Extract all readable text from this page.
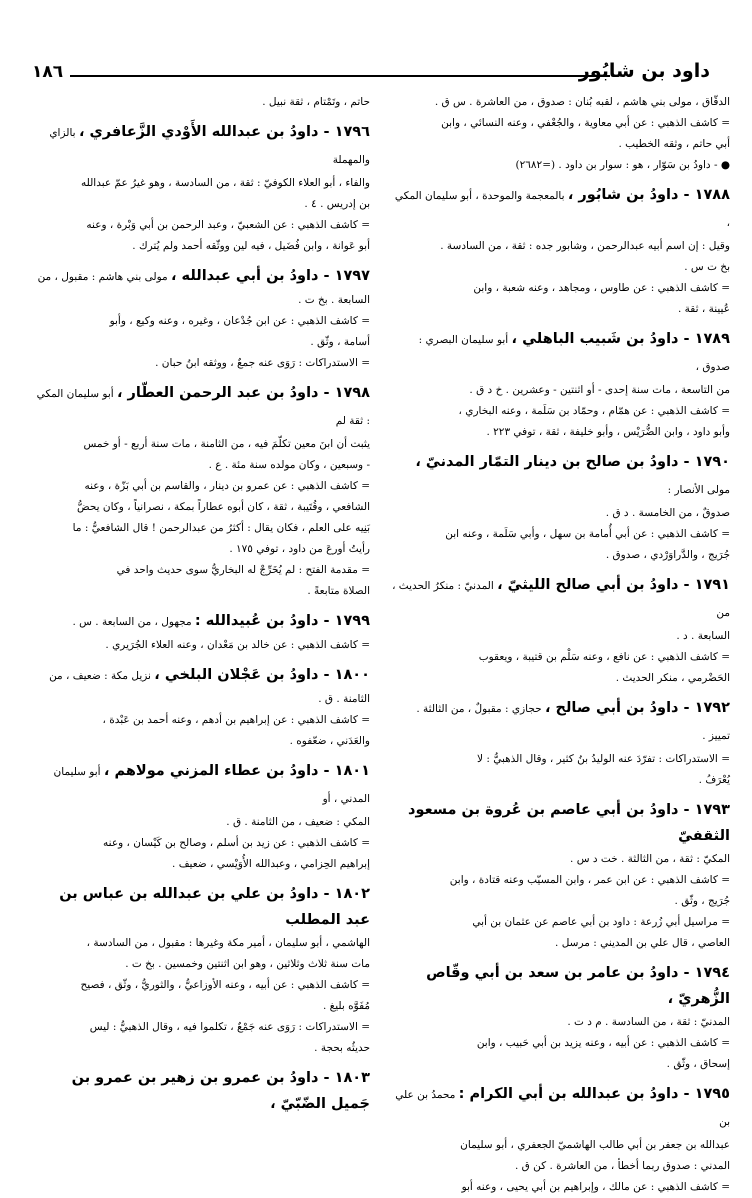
داود بن شابُور
١٨٦

الدقّاق ، مولى بني هاشم ، لقبه بُنان : صدوق ، من العاشرة . س ق .

= كاشف الذهبي : عن أبي معاوية ، والجُعْفي ، وعنه النسائي ، وابن

أبي حاتم ، وثقه الخطيب .

● - داودُ بن سَوّار ، هو : سوار بن داود . (=٢٦٨٢)

١٧٨٨ - داودُ بن شابُور ، بالمعجمة والموحدة ، أبو سليمان المكي ،

وقيل : إن اسم أبيه عبدالرحمن ، وشابور جده : ثقة ، من السادسة .

بخ ت س .

= كاشف الذهبي : عن طاوس ، ومجاهد ، وعنه شعبة ، وابن

عُيينة ، ثقة .

١٧٨٩ - داودُ بن شَبيب الباهلي ، أبو سليمان البصري : صدوق ،

من التاسعة ، مات سنة إحدى - أو اثنتين - وعشرين . خ د ق .

= كاشف الذهبي : عن همّام ، وحمّاد بن سَلَمة ، وعنه البخاري ،

وأبو داود ، وابن الضُّرَيْس ، وأبو خليفة ، ثقة ، توفي ٢٢٣ .

١٧٩٠ - داودُ بن صالح بن دينار التمّار المدنيّ ، مولى الأنصار :

صدوقٌ ، من الخامسة . د ق .

= كاشف الذهبي : عن أبي أُمامة بن سهل ، وأبي سَلَمة ، وعنه ابن

جُرَيج ، والدَّراوَرْدي ، صدوق .

١٧٩١ - داودُ بن أبي صالح الليثيّ ، المدنيّ : منكرُ الحديث ، من

السابعة . د .

= كاشف الذهبي : عن نافع ، وعنه سَلْم بن قتيبة ، ويعقوب

الحَضْرمي ، منكر الحديث .

١٧٩٢ - داودُ بن أبي صالح ، حجازي : مقبولٌ ، من الثالثة . تمييز .

= الاستدراكات : تفرّدَ عنه الوليدُ بنُ كثير ، وقال الذهبيُّ : لا

يُعْرَفُ .

١٧٩٣ - داودُ بن أبي عاصم بن عُروة بن مسعود الثقفيّ

المكيّ : ثقة ، من الثالثة . خت د س .

= كاشف الذهبي : عن ابن عمر ، وابن المسيّب وعنه قتادة ، وابن

جُرَيج ، وثّق .

= مراسيل أبي زُرعة : داود بن أبي عاصم عن عثمان بن أبي

العاصي ، قال علي بن المديني : مرسل .

١٧٩٤ - داودُ بن عامر بن سعد بن أبي وقّاص الزُّهريّ ،

المدنيّ : ثقة ، من السادسة . م د ت .

= كاشف الذهبي : عن أبيه ، وعنه يزيد بن أبي حَبيب ، وابن

إسحاق ، وثّق .

١٧٩٥ - داودُ بن عبدالله بن أبي الكرام : محمدُ بن علي بن

عبدالله بن جعفر بن أبي طالب الهاشميّ الجعفري ، أبو سليمان

المدني : صدوق ربما أخطأ ، من العاشرة . كن ق .

= كاشف الذهبي : عن مالك ، وإبراهيم بن أبي يحيى ، وعنه أبو

حاتم ، وتَمْتام ، ثقة نبيل .

١٧٩٦ - داودُ بن عبدالله الأَوْدي الزَّعافري ، بالزاي والمهملة

والفاء ، أبو العلاء الكوفيّ : ثقة ، من السادسة ، وهو غيرُ عمّ عبدالله

بن إدريس . ٤ .

= كاشف الذهبي : عن الشعبيّ ، وعبد الرحمن بن أبي وَبْرة ، وعنه

أبو عَوانة ، وابن فُضَيل ، فيه لين ووثّقه أحمد ولم يُترك .

١٧٩٧ - داودُ بن أبي عبدالله ، مولى بني هاشم : مقبول ، من

السابعة . بخ ت .

= كاشف الذهبي : عن ابن جُدْعان ، وغيره ، وعنه وكيع ، وأبو

أسامة ، وثّق .

= الاستدراكات : رَوَى عنه جمعٌ ، ووثقه ابنُ حبان .

١٧٩٨ - داودُ بن عبد الرحمن العطّار ، أبو سليمان المكي : ثقة لم

يثبت أن ابنَ معين تكلّمَ فيه ، من الثامنة ، مات سنة أربع - أو خمس

- وسبعين ، وكان مولده سنة مئة . ع .

= كاشف الذهبي : عن عمرو بن دينار ، والقاسم بن أبي بَزّة ، وعنه

الشافعي ، وقُتَيبة ، ثقة ، كان أبوه عطاراً بمكة ، نصرانياً ، وكان يحضُّ

بَنِيه على العلم ، فكان يقال : أكثرُ من عبدالرحمن ! قال الشافعيُّ : ما

رأيتُ أورعَ من داود ، توفي ١٧٥ .

= مقدمة الفتح : لم يُخَرِّجْ له البخاريُّ سوى حديث واحد في

الصلاة متابعةً .

١٧٩٩ - داودُ بن عُبيدالله : مجهول ، من السابعة . س .

= كاشف الذهبي : عن خالد بن مَعْدان ، وعنه العلاء الجُرَيري .

١٨٠٠ - داودُ بن عَجْلان البلخي ، نزيل مكة : ضعيف ، من

الثامنة . ق .

= كاشف الذهبي : عن إبراهيم بن أدهم ، وعنه أحمد بن عَبْدة ،

والعَدَني ، ضعّفوه .

١٨٠١ - داودُ بن عطاء المزني مولاهم ، أبو سليمان المدني ، أو

المكي : ضعيف ، من الثامنة . ق .

= كاشف الذهبي : عن زيد بن أسلم ، وصالح بن كَيْسان ، وعنه

إبراهيم الحِزامي ، وعبدالله الأُوَيْسي ، ضعيف .

١٨٠٢ - داودُ بن علي بن عبدالله بن عباس بن عبد المطلب

الهاشمي ، أبو سليمان ، أمير مكة وغيرها : مقبول ، من السادسة ،

مات سنة ثلاث وثلاثين ، وهو ابن اثنتين وخمسين . بخ ت .

= كاشف الذهبي : عن أبيه ، وعنه الأوزاعيُّ ، والثوريُّ ، وثّق ، فصيح

مُفَوَّه بليغ .

= الاستدراكات : رَوَى عنه جَمْعٌ ، تكلموا فيه ، وقال الذهبيُّ : ليس

حديثُه بحجة .

١٨٠٣ - داودُ بن عمرو بن زهير بن عمرو بن جَميل الضّبّيّ ،
